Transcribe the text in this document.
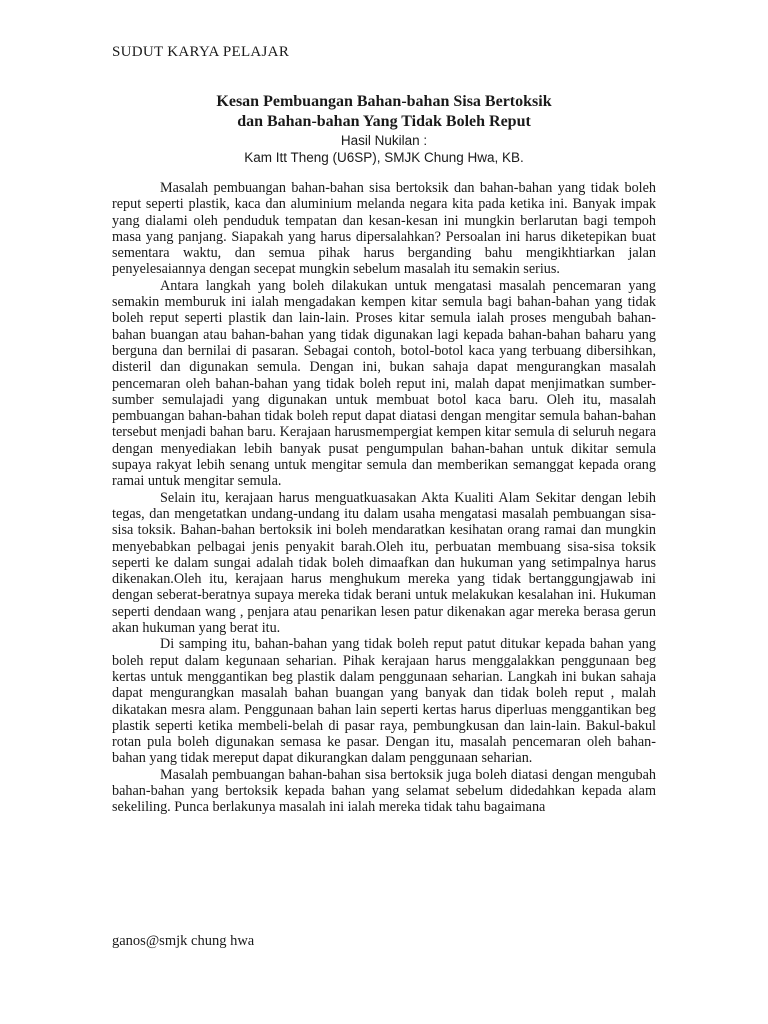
SUDUT KARYA PELAJAR
Kesan Pembuangan Bahan-bahan Sisa Bertoksik
dan Bahan-bahan Yang Tidak Boleh Reput
Hasil Nukilan :
Kam Itt Theng (U6SP), SMJK Chung Hwa, KB.

Masalah pembuangan bahan-bahan sisa bertoksik dan bahan-bahan yang tidak boleh reput seperti plastik, kaca dan aluminium melanda negara kita pada ketika ini. Banyak impak yang dialami oleh penduduk tempatan dan kesan-kesan ini mungkin berlarutan bagi tempoh masa yang panjang. Siapakah yang harus dipersalahkan? Persoalan ini harus diketepikan buat sementara waktu, dan semua pihak harus berganding bahu mengikhtiarkan jalan penyelesaiannya dengan secepat mungkin sebelum masalah itu semakin serius.

Antara langkah yang boleh dilakukan untuk mengatasi masalah pencemaran yang semakin memburuk ini ialah mengadakan kempen kitar semula bagi bahan-bahan yang tidak boleh reput seperti plastik dan lain-lain. Proses kitar semula ialah proses mengubah bahan-bahan buangan atau bahan-bahan yang tidak digunakan lagi kepada bahan-bahan baharu yang berguna dan bernilai di pasaran. Sebagai contoh, botol-botol kaca yang terbuang dibersihkan, disteril dan digunakan semula. Dengan ini, bukan sahaja dapat mengurangkan masalah pencemaran oleh bahan-bahan yang tidak boleh reput ini, malah dapat menjimatkan sumber-sumber semulajadi yang digunakan untuk membuat botol kaca baru. Oleh itu, masalah pembuangan bahan-bahan tidak boleh reput dapat diatasi dengan mengitar semula bahan-bahan tersebut menjadi bahan baru. Kerajaan harusmempergiat kempen kitar semula di seluruh negara dengan menyediakan lebih banyak pusat pengumpulan bahan-bahan untuk dikitar semula supaya rakyat lebih senang untuk mengitar semula dan memberikan semanggat kepada orang ramai untuk mengitar semula.

Selain itu, kerajaan harus menguatkuasakan Akta Kualiti Alam Sekitar dengan lebih tegas, dan mengetatkan undang-undang itu dalam usaha mengatasi masalah pembuangan sisa-sisa toksik. Bahan-bahan bertoksik ini boleh mendaratkan kesihatan orang ramai dan mungkin menyebabkan pelbagai jenis penyakit barah.Oleh itu, perbuatan membuang sisa-sisa toksik seperti ke dalam sungai adalah tidak boleh dimaafkan dan hukuman yang setimpalnya harus dikenakan.Oleh itu, kerajaan harus menghukum mereka yang tidak bertanggungjawab ini dengan seberat-beratnya supaya mereka tidak berani untuk melakukan kesalahan ini. Hukuman seperti dendaan wang , penjara atau penarikan lesen patur dikenakan agar mereka berasa gerun akan hukuman yang berat itu.

Di samping itu, bahan-bahan yang tidak boleh reput patut ditukar kepada bahan yang boleh reput dalam kegunaan seharian. Pihak kerajaan harus menggalakkan penggunaan beg kertas untuk menggantikan beg plastik dalam penggunaan seharian. Langkah ini bukan sahaja dapat mengurangkan masalah bahan buangan yang banyak dan tidak boleh reput , malah dikatakan mesra alam. Penggunaan bahan lain seperti kertas harus diperluas menggantikan beg plastik seperti ketika membeli-belah di pasar raya, pembungkusan dan lain-lain. Bakul-bakul rotan pula boleh digunakan semasa ke pasar. Dengan itu, masalah pencemaran oleh bahan-bahan yang tidak mereput dapat dikurangkan dalam penggunaan seharian.

Masalah pembuangan bahan-bahan sisa bertoksik juga boleh diatasi dengan mengubah bahan-bahan yang bertoksik kepada bahan yang selamat sebelum didedahkan kepada alam sekeliling. Punca berlakunya masalah ini ialah mereka tidak tahu bagaimana

ganos@smjk chung hwa
